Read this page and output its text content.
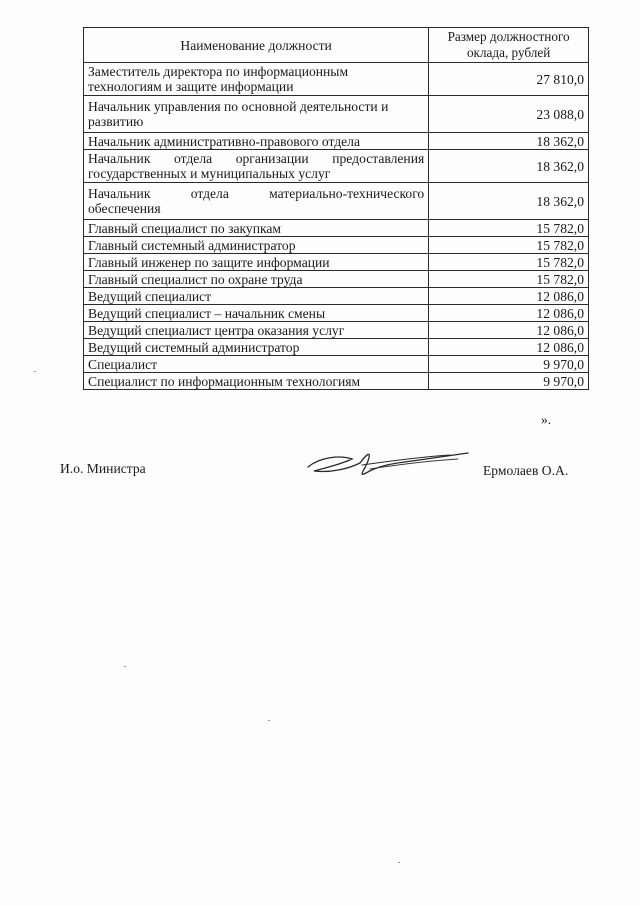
Наименование должности	Размер должностного
оклада, рублей
Заместитель директора по информационным технологиям и защите информации	27 810,0
Начальник управления по основной деятельности и развитию	23 088,0
Начальник административно-правового отдела	18 362,0
Начальник отдела организации предоставления государственных и муниципальных услуг	18 362,0
Начальник отдела материально-технического обеспечения	18 362,0
Главный специалист по закупкам	15 782,0
Главный системный администратор	15 782,0
Главный инженер по защите информации	15 782,0
Главный специалист по охране труда	15 782,0
Ведущий специалист	12 086,0
Ведущий специалист – начальник смены	12 086,0
Ведущий специалист центра оказания услуг	12 086,0
Ведущий системный администратор	12 086,0
Специалист	9 970,0
Специалист по информационным технологиям	9 970,0
».
И.о. Министра	Ермолаев О.А.
